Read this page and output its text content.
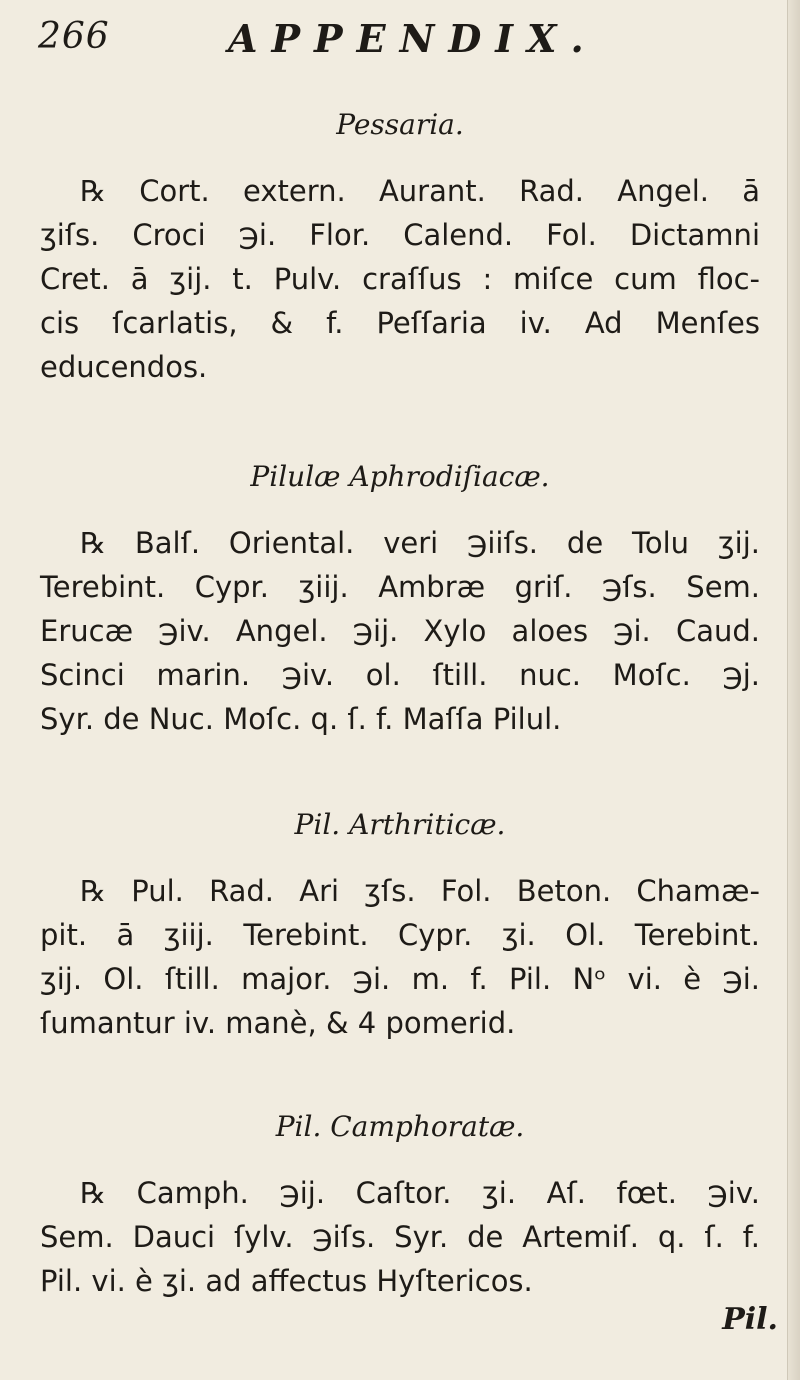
266	APPENDIX.
Pessaria.

℞ Cort. extern. Aurant. Rad. Angel. ā
ʒiſs. Croci ℈i. Flor. Calend. Fol. Dictamni
Cret. ā ʒij. t. Pulv. craſſus : miſce cum floc-
cis ſcarlatis, & f. Peſſaria iv. Ad Menſes
educendos.

Pilulæ Aphrodiſiacæ.

℞ Balſ. Oriental. veri ℈iiſs. de Tolu ʒij.
Terebint. Cypr. ʒiij. Ambræ griſ. ℈ſs. Sem.
Erucæ ℈iv. Angel. ℈ij. Xylo aloes ℈i. Caud.
Scinci marin. ℈iv. ol. ſtill. nuc. Moſc. ℈j.
Syr. de Nuc. Moſc. q. ſ. f. Maſſa Pilul.

Pil. Arthriticæ.

℞ Pul. Rad. Ari ʒſs. Fol. Beton. Chamæ-
pit. ā ʒiij. Terebint. Cypr. ʒi. Ol. Terebint.
ʒij. Ol. ſtill. major. ℈i. m. f. Pil. Nᵒ vi. è ℈i.
ſumantur iv. manè, & 4 pomerid.

Pil. Camphoratæ.

℞ Camph. ℈ij. Caſtor. ʒi. Aſ. fœt. ℈iv.
Sem. Dauci ſylv. ℈iſs. Syr. de Artemiſ. q. ſ. f.
Pil. vi. è ʒi. ad affectus Hyſtericos.

Pil.
